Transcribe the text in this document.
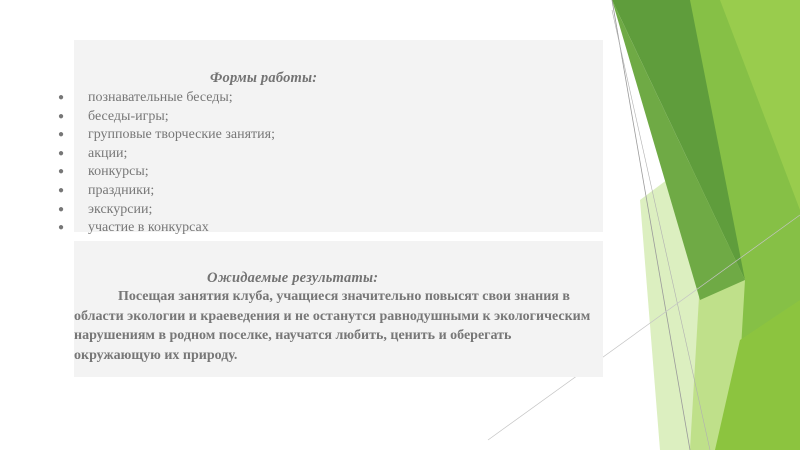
Формы работы:
● познавательные беседы;
● беседы-игры;
● групповые творческие занятия;
● акции;
● конкурсы;
● праздники;
● экскурсии;
● участие в конкурсах
Ожидаемые результаты:

Посещая занятия клуба, учащиеся значительно повысят свои знания в области экологии и краеведения и не останутся равнодушными к экологическим нарушениям в родном поселке, научатся любить, ценить и оберегать окружающую их природу.
